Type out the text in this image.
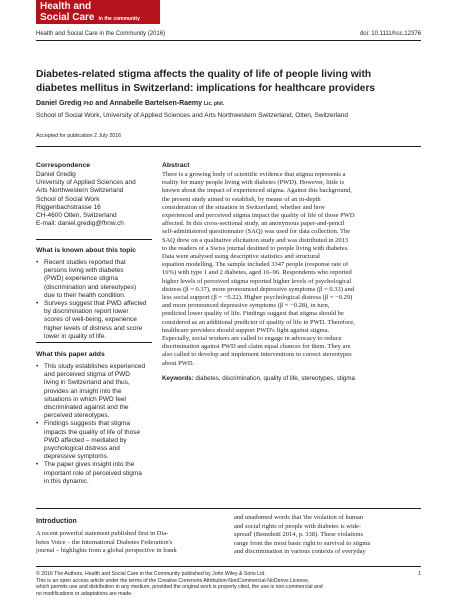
Health and
Social Care in the community
Health and Social Care in the Community (2016)	doi: 10.1111/hsc.12376
Diabetes-related stigma affects the quality of life of people living with
diabetes mellitus in Switzerland: implications for healthcare providers
Daniel Gredig PhD and Annabelle Bartelsen-Raemy Lic. phil.
School of Social Work, University of Applied Sciences and Arts Northwestern Switzerland, Olten, Switzerland
Accepted for publication 2 July 2016
Correspondence
Daniel Gredig
University of Applied Sciences and
Arts Northwestern Switzerland
School of Social Work
Riggenbachstrasse 16
CH-4600 Olten, Switzerland
E-mail: daniel.gredig@fhnw.ch
What is known about this topic
• Recent studies reported that
persons living with diabetes
(PWD) experience stigma
(discrimination and stereotypes)
due to their health condition.
• Surveys suggest that PWD affected
by discrimination report lower
scores of well-being, experience
higher levels of distress and score
lower in quality of life.
What this paper adds
• This study establishes experienced
and perceived stigma of PWD
living in Switzerland and thus,
provides an insight into the
situations in which PWD feel
discriminated against and the
perceived stereotypes.
• Findings suggests that stigma
impacts the quality of life of those
PWD affected – mediated by
psychological distress and
depressive symptoms.
• The paper gives insight into the
important role of perceived stigma
in this dynamic.
Abstract
There is a growing body of scientific evidence that stigma represents a
reality for many people living with diabetes (PWD). However, little is
known about the impact of experienced stigma. Against this background,
the present study aimed to establish, by means of an in-depth
consideration of the situation in Switzerland, whether and how
experienced and perceived stigma impact the quality of life of those PWD
affected. In this cross-sectional study, an anonymous paper-and-pencil
self-administered questionnaire (SAQ) was used for data collection. The
SAQ drew on a qualitative elicitation study and was distributed in 2013
to the readers of a Swiss journal destined to people living with diabetes.
Data were analysed using descriptive statistics and structural
equation modelling. The sample included 3347 people (response rate of
16%) with type 1 and 2 diabetes, aged 16–96. Respondents who reported
higher levels of perceived stigma reported higher levels of psychological
distress (β = 0.37), more pronounced depressive symptoms (β = 0.33) and
less social support (β = −0.22). Higher psychological distress (β = −0.29)
and more pronounced depressive symptoms (β = −0.28), in turn,
predicted lower quality of life. Findings suggest that stigma should be
considered as an additional predictor of quality of life in PWD. Therefore,
healthcare providers should support PWD's fight against stigma.
Especially, social workers are called to engage in advocacy to reduce
discrimination against PWD and claim equal chances for them. They are
also called to develop and implement interventions to correct stereotypes
about PWD.
Keywords: diabetes, discrimination, quality of life, stereotypes, stigma
Introduction
A recent powerful statement published first in Dia-
betes Voice – the International Diabetes Federation's
journal – highlights from a global perspective in frank
and unadorned words that 'the violation of human
and social rights of people with diabetes is wide-
spread' (Benedetti 2014, p. 338). These violations
range from the most basic right to survival to stigma
and discrimination in various contexts of everyday
© 2016 The Authors. Health and Social Care in the Community published by John Wiley & Sons Ltd.
This is an open access article under the terms of the Creative Commons Attribution-NonCommercial-NoDerivs License,
which permits use and distribution in any medium, provided the original work is properly cited, the use is non-commercial and
no modifications or adaptations are made.
1
